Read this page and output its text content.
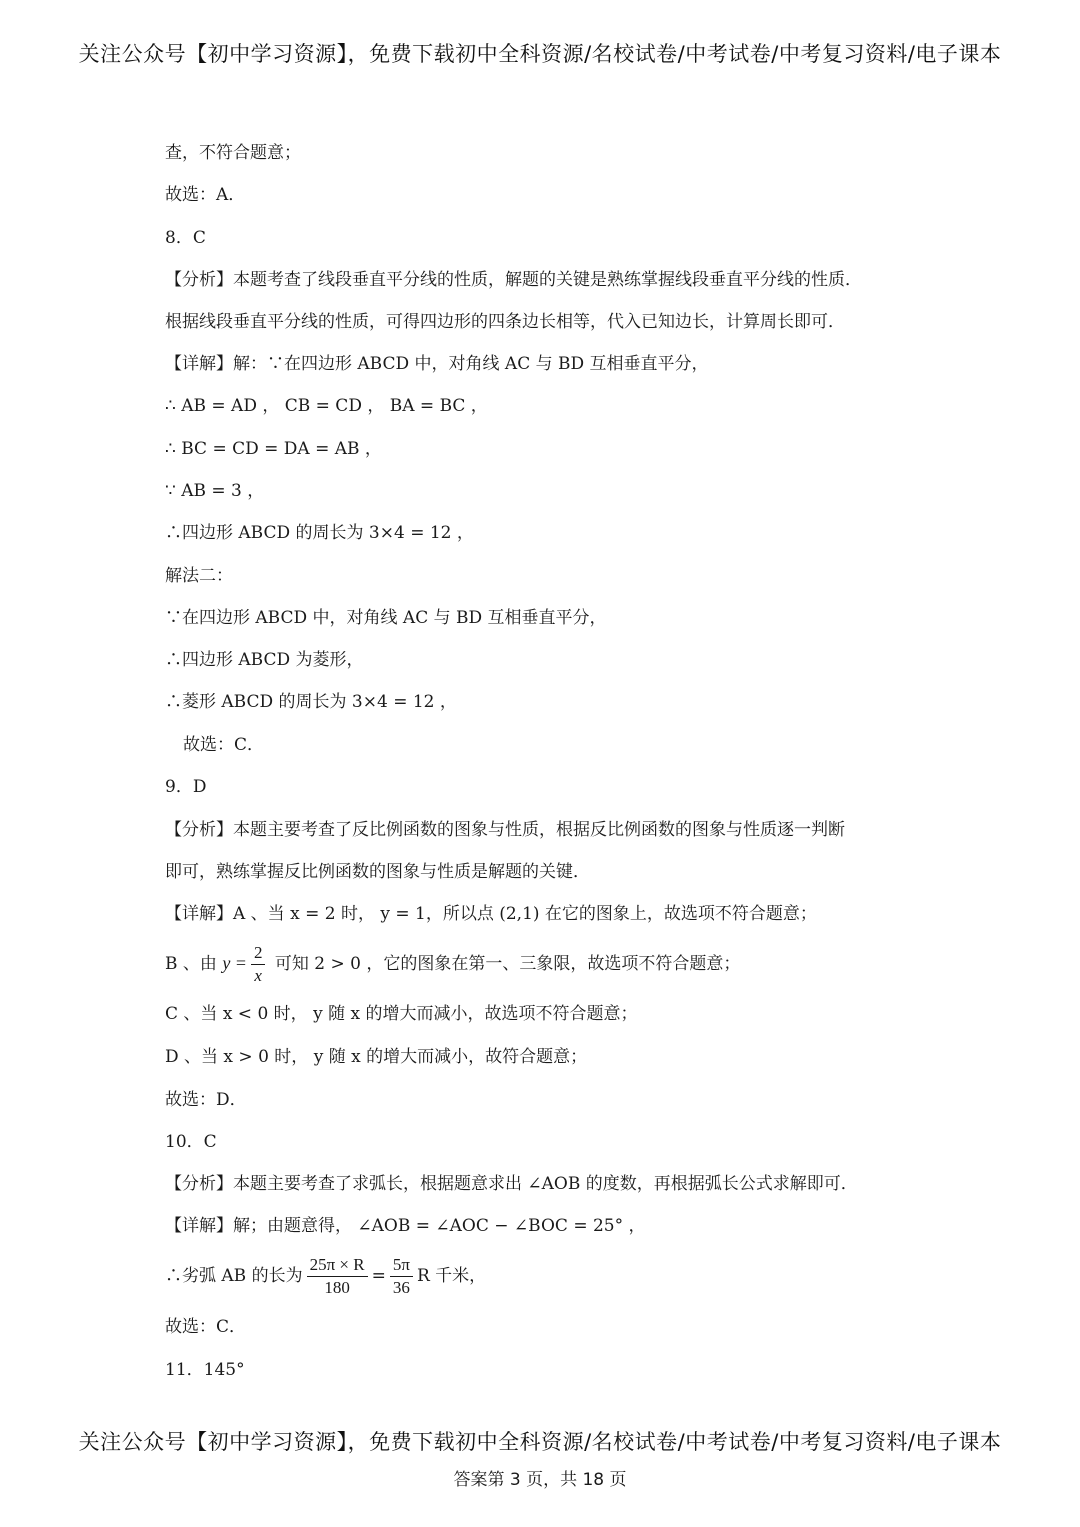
关注公众号【初中学习资源】，免费下载初中全科资源/名校试卷/中考试卷/中考复习资料/电子课本
查，不符合题意；
故选：A．
8．C
【分析】本题考查了线段垂直平分线的性质，解题的关键是熟练掌握线段垂直平分线的性质．
根据线段垂直平分线的性质，可得四边形的四条边长相等，代入已知边长，计算周长即可．
【详解】解：∵在四边形 ABCD 中，对角线 AC 与 BD 互相垂直平分，
∴ AB = AD ， CB = CD ， BA = BC ，
∴ BC = CD = DA = AB ，
∵ AB = 3 ，
∴四边形 ABCD 的周长为 3×4 = 12 ，
解法二：
∵在四边形 ABCD 中，对角线 AC 与 BD 互相垂直平分，
∴四边形 ABCD 为菱形，
∴菱形 ABCD 的周长为 3×4 = 12 ，
故选：C．
9．D
【分析】本题主要考查了反比例函数的图象与性质，根据反比例函数的图象与性质逐一判断
即可，熟练掌握反比例函数的图象与性质是解题的关键．
【详解】A 、当 x = 2 时， y = 1，所以点 (2,1) 在它的图象上，故选项不符合题意；
B 、由 $y = \frac{2}{x}$ 可知 2 > 0 ，它的图象在第一、三象限，故选项不符合题意；
C 、当 x < 0 时， y 随 x 的增大而减小，故选项不符合题意；
D 、当 x > 0 时， y 随 x 的增大而减小，故符合题意；
故选：D．
10．C
【分析】本题主要考查了求弧长，根据题意求出 ∠AOB 的度数，再根据弧长公式求解即可．
【详解】解；由题意得， ∠AOB = ∠AOC − ∠BOC = 25° ，
∴劣弧 AB 的长为 $\frac{25\pi \times R}{180} = \frac{5\pi}{36}$ R 千米，
故选：C．
11．145°
关注公众号【初中学习资源】，免费下载初中全科资源/名校试卷/中考试卷/中考复习资料/电子课本
答案第 3 页，共 18 页
